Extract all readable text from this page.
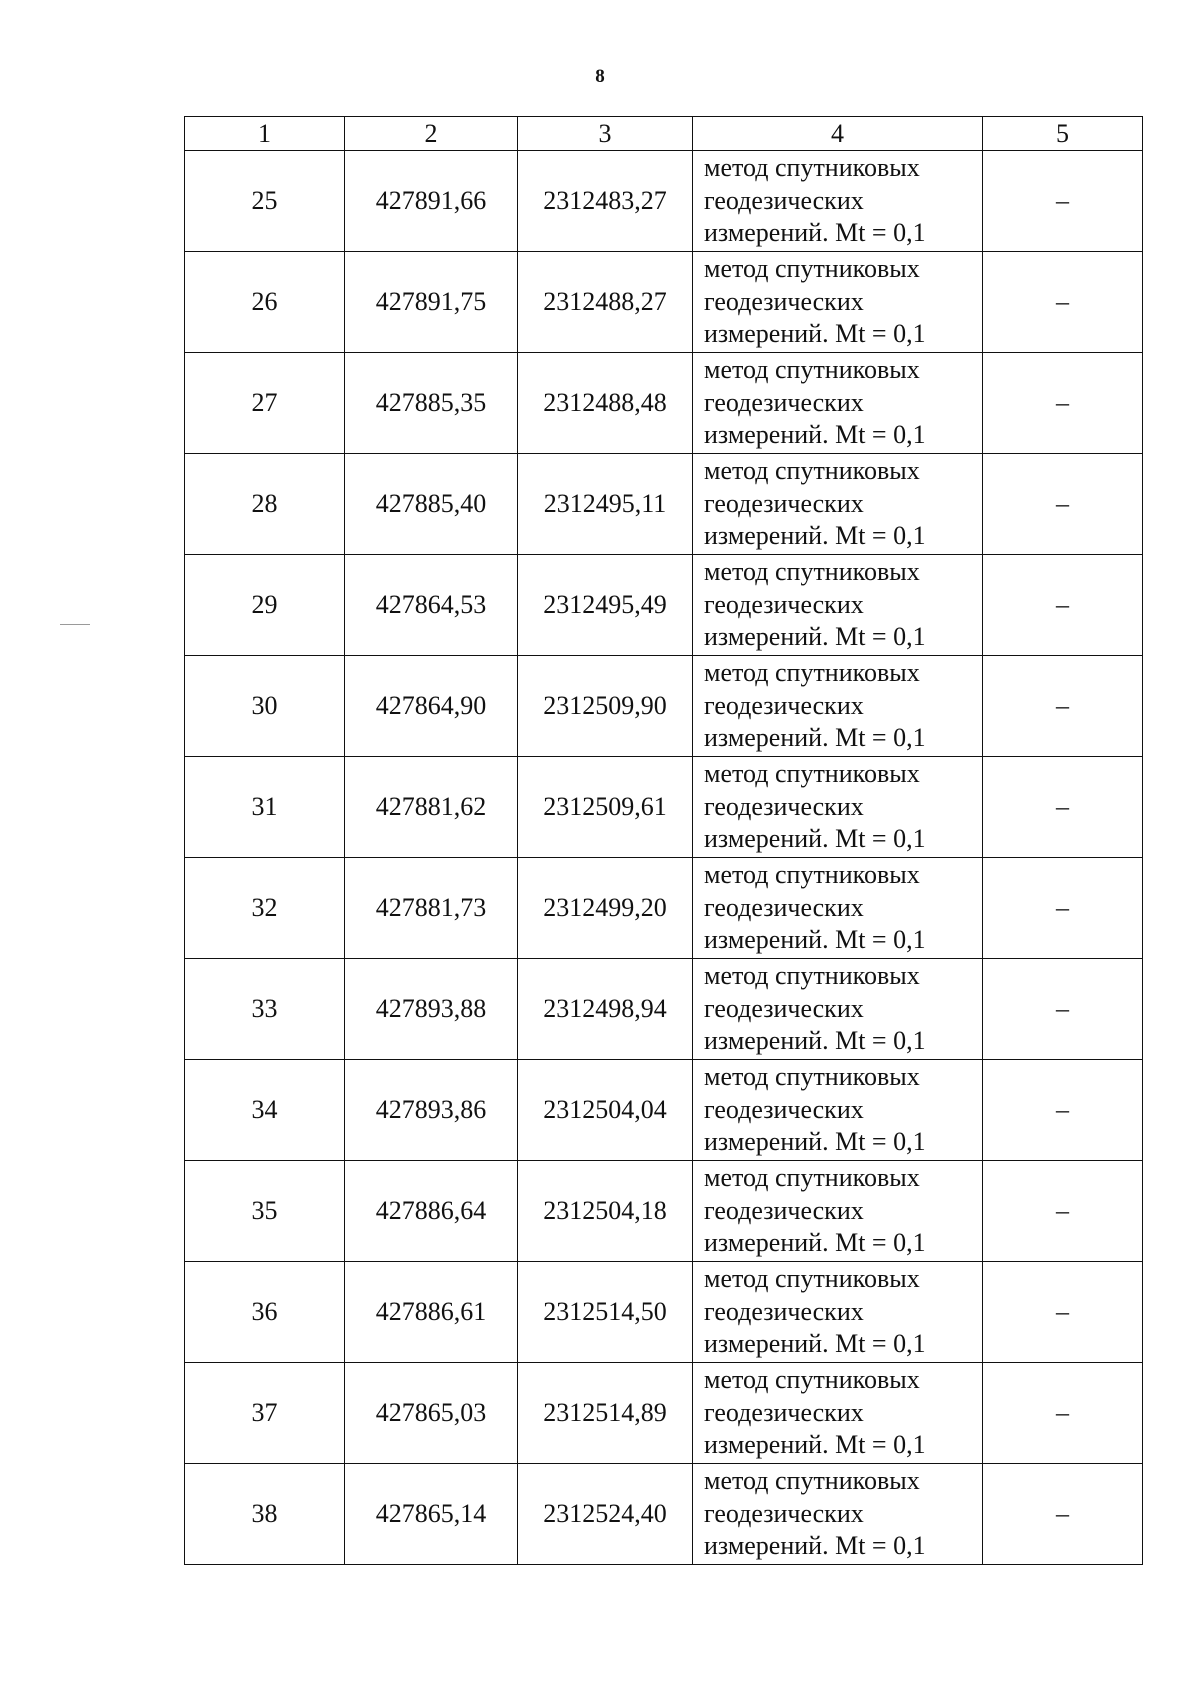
8
1	2	3	4	5
25	427891,66	2312483,27	метод спутниковых
геодезических
измерений. Mt = 0,1	–
26	427891,75	2312488,27	метод спутниковых
геодезических
измерений. Mt = 0,1	–
27	427885,35	2312488,48	метод спутниковых
геодезических
измерений. Mt = 0,1	–
28	427885,40	2312495,11	метод спутниковых
геодезических
измерений. Mt = 0,1	–
29	427864,53	2312495,49	метод спутниковых
геодезических
измерений. Mt = 0,1	–
30	427864,90	2312509,90	метод спутниковых
геодезических
измерений. Mt = 0,1	–
31	427881,62	2312509,61	метод спутниковых
геодезических
измерений. Mt = 0,1	–
32	427881,73	2312499,20	метод спутниковых
геодезических
измерений. Mt = 0,1	–
33	427893,88	2312498,94	метод спутниковых
геодезических
измерений. Mt = 0,1	–
34	427893,86	2312504,04	метод спутниковых
геодезических
измерений. Mt = 0,1	–
35	427886,64	2312504,18	метод спутниковых
геодезических
измерений. Mt = 0,1	–
36	427886,61	2312514,50	метод спутниковых
геодезических
измерений. Mt = 0,1	–
37	427865,03	2312514,89	метод спутниковых
геодезических
измерений. Mt = 0,1	–
38	427865,14	2312524,40	метод спутниковых
геодезических
измерений. Mt = 0,1	–
